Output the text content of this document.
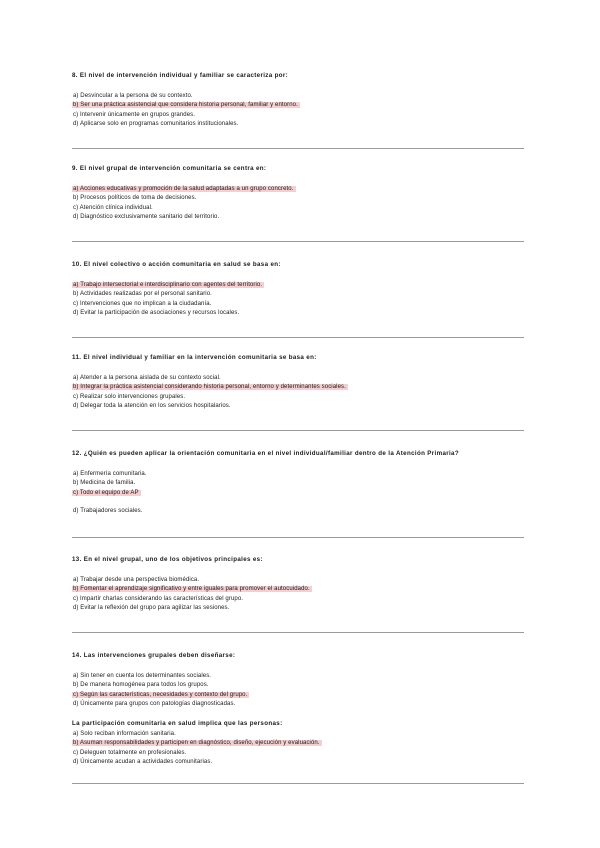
8. El nivel de intervención individual y familiar se caracteriza por:
a) Desvincular a la persona de su contexto.
b) Ser una práctica asistencial que considera historia personal, familiar y entorno.
c) Intervenir únicamente en grupos grandes.
d) Aplicarse solo en programas comunitarios institucionales.
9. El nivel grupal de intervención comunitaria se centra en:
a) Acciones educativas y promoción de la salud adaptadas a un grupo concreto.
b) Procesos políticos de toma de decisiones.
c) Atención clínica individual.
d) Diagnóstico exclusivamente sanitario del territorio.
10. El nivel colectivo o acción comunitaria en salud se basa en:
a) Trabajo intersectorial e interdisciplinario con agentes del territorio.
b) Actividades realizadas por el personal sanitario.
c) Intervenciones que no implican a la ciudadanía.
d) Evitar la participación de asociaciones y recursos locales.
11. El nivel individual y familiar en la intervención comunitaria se basa en:
a) Atender a la persona aislada de su contexto social.
b) Integrar la práctica asistencial considerando historia personal, entorno y determinantes sociales.
c) Realizar solo intervenciones grupales.
d) Delegar toda la atención en los servicios hospitalarios.
12. ¿Quién es pueden aplicar la orientación comunitaria en el nivel individual/familiar dentro de la Atención Primaria?
a) Enfermería comunitaria.
b) Medicina de familia.
c) Todo el equipo de AP
d) Trabajadores sociales.
13. En el nivel grupal, uno de los objetivos principales es:
a) Trabajar desde una perspectiva biomédica.
b) Fomentar el aprendizaje significativo y entre iguales para promover el autocuidado.
c) Impartir charlas considerando las características del grupo.
d) Evitar la reflexión del grupo para agilizar las sesiones.
14. Las intervenciones grupales deben diseñarse:
a) Sin tener en cuenta los determinantes sociales.
b) De manera homogénea para todos los grupos.
c) Según las características, necesidades y contexto del grupo.
d) Únicamente para grupos con patologías diagnosticadas.
La participación comunitaria en salud implica que las personas:
a) Solo reciban información sanitaria.
b) Asuman responsabilidades y participen en diagnóstico, diseño, ejecución y evaluación.
c) Deleguen totalmente en profesionales.
d) Únicamente acudan a actividades comunitarias.
